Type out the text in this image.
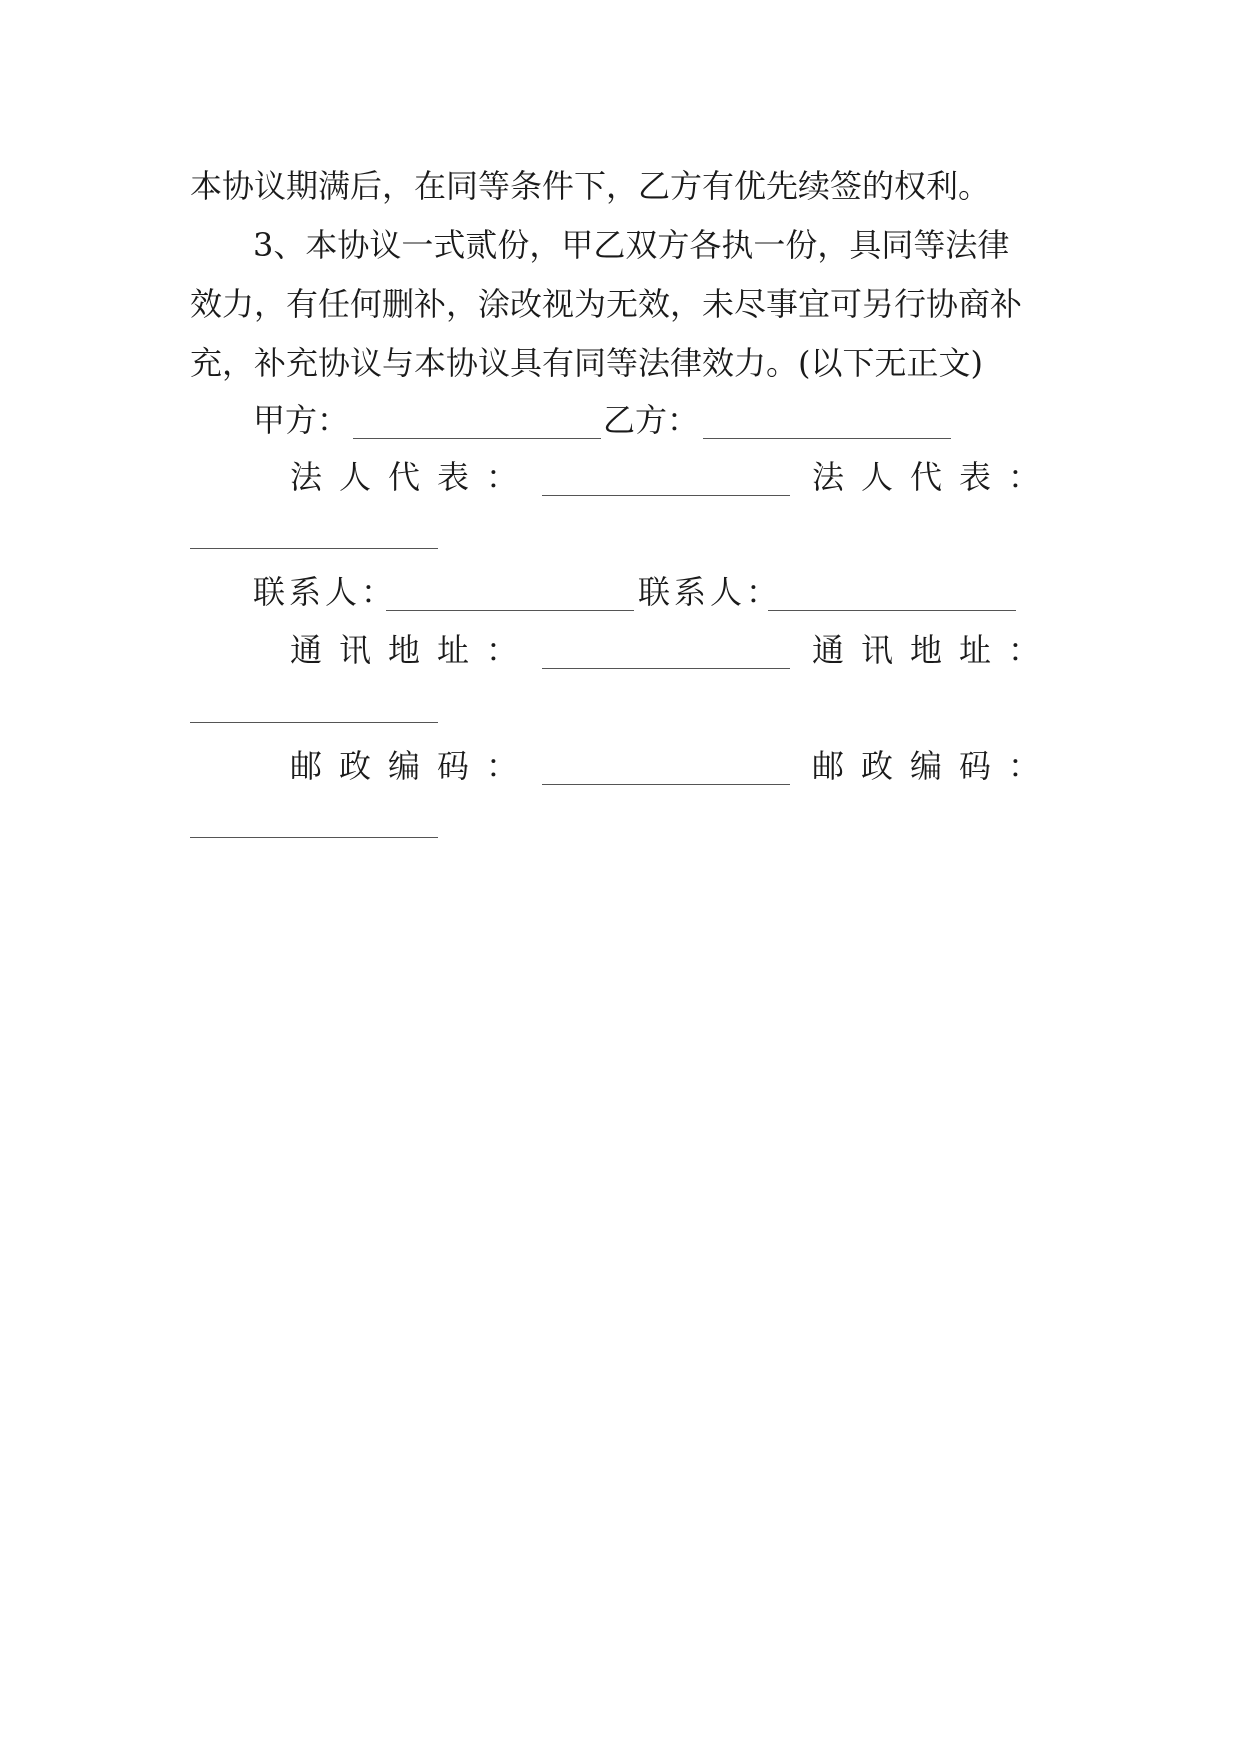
本协议期满后，在同等条件下，乙方有优先续签的权利。
3、本协议一式贰份，甲乙双方各执一份，具同等法律
效力，有任何删补，涂改视为无效，未尽事宜可另行协商补
充，补充协议与本协议具有同等法律效力。(以下无正文)
甲方：	乙方：
法人代表：	法人代表：
联系人：	联系人：
通讯地址：	通讯地址：
邮政编码：	邮政编码：
